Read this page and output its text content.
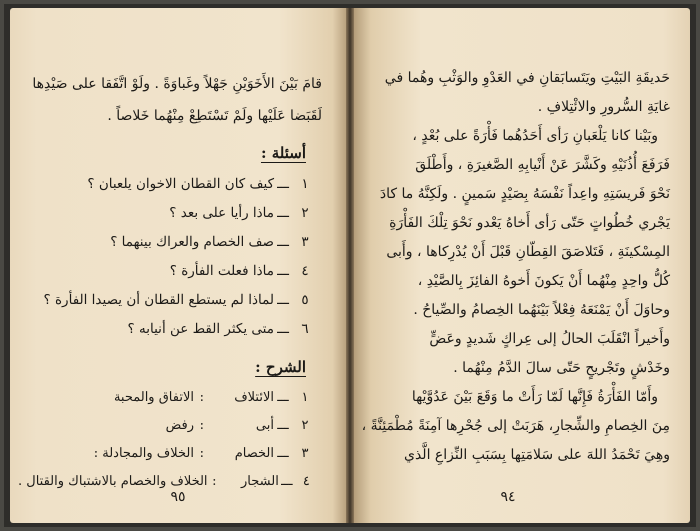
قامَ بَيْنَ الأَخَوَيْنِ جَهْلاً وغَباوَةً . ولَوْ اتَّفَقا على صَيْدِها
لَقَبَضا عَلَيْها ولَمْ تَسْتَطِعْ مِنْهُما خَلاصاً .
أسئلة :
١
ـــ
كيف كان القطان الاخوان يلعبان ؟
٢
ـــ
ماذا رأيا على بعد ؟
٣
ـــ
صف الخصام والعراك بينهما ؟
٤
ـــ
ماذا فعلت الفأرة ؟
٥
ـــ
لماذا لم يستطع القطان أن يصيدا الفأرة ؟
٦
ـــ
متى يكثر القط عن أنيابه ؟
الشرح :
١
ـــ
الائتلاف
:
الاتفاق والمحبة
٢
ـــ
أبى
:
رفض
٣
ـــ
الخصام
:
الخلاف والمجادلة :
٤
ـــ
الشجار
:
الخلاف والخصام بالاشتباك والقتال .
٩٥
حَديقَةِ البَيْتِ ويَتَسابَقانِ في العَدْوِ والوَثْبِ وهُما في
غايَةِ السُّرورِ والائْتِلافِ .
وبَيْنا كانا يَلْعَبانِ رَأى أَحَدُهُما فَأْرَةً على بُعْدٍ ،
فَرَفَعَ أُذُنَيْهِ وكَشَّرَ عَنْ أَنْيابِهِ الصَّغيرَةِ ، وأَطْلَقَ
نَحْوَ فَريسَتِهِ واعِداً نَفْسَهُ بِصَيْدٍ سَمينٍ . ولَكِنَّهُ ما كادَ
يَجْري خُطُواتٍ حَتّى رَأى أَخاهُ يَعْدو نَحْوَ تِلْكَ الفَأْرَةِ
المِسْكينَةِ ، فَتَلاصَقَ القِطّانِ قَبْلَ أَنْ يُدْرِكاها ، وأَبى
كُلُّ واحِدٍ مِنْهُما أَنْ يَكونَ أَخوهُ الفائِزَ بِالصَّيْدِ ،
وحاوَلَ أَنْ يَمْنَعَهُ فِعْلاً بَيْنَهُما الخِصامُ والصِّياحُ .
وأَخيراً انْقَلَبَ الحالُ إلى عِراكٍ شَديدٍ وعَضٍّ
وخَدْشٍ وتَجْريحٍ حَتّى سالَ الدَّمُ مِنْهُما .
وأَمّا الفَأْرَةُ فَإِنَّها لَمّا رَأَتْ ما وَقَعَ بَيْنَ عَدُوَّيْها
مِنَ الخِصامِ والشِّجارِ، هَرَبَتْ إلى جُحْرِها آمِنَةً مُطْمَئِنَّةً ،
وهِيَ تَحْمَدُ اللهَ على سَلامَتِها بِسَبَبِ النِّزاعِ الَّذي
٩٤
